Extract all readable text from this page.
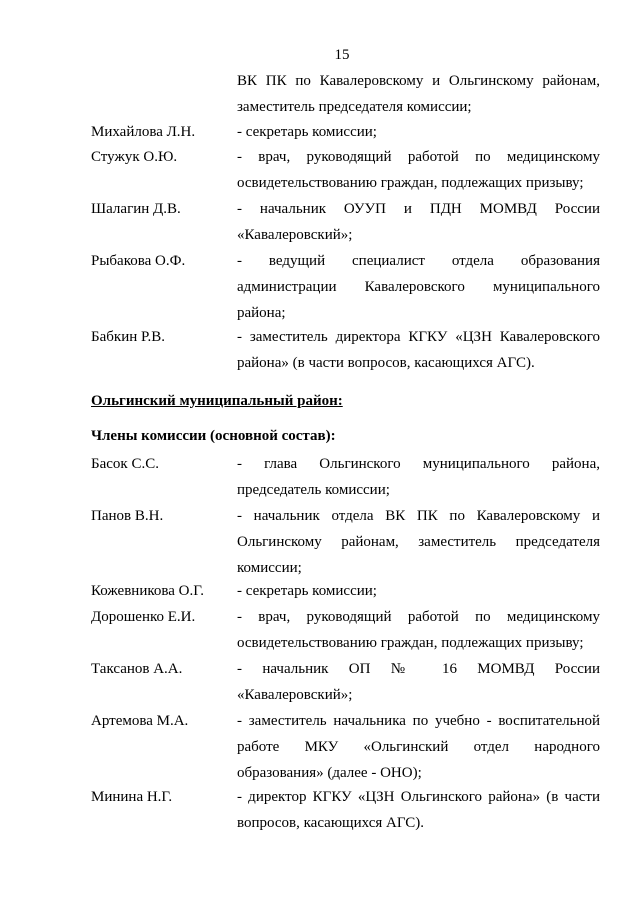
15
ВК ПК по Кавалеровскому и Ольгинскому районам,
заместитель председателя комиссии;
Михайлова Л.Н.	- секретарь комиссии;
Стужук О.Ю.	- врач, руководящий работой по медицинскому
освидетельствованию граждан, подлежащих призыву;
Шалагин Д.В.	- начальник ОУУП и ПДН МОМВД России
«Кавалеровский»;
Рыбакова О.Ф.	- ведущий специалист отдела образования
администрации Кавалеровского муниципального
района;
Бабкин Р.В.	- заместитель директора КГКУ «ЦЗН Кавалеровского
района» (в части вопросов, касающихся АГС).
Ольгинский муниципальный район:
Члены комиссии (основной состав):
Басок С.С.	- глава Ольгинского муниципального района,
председатель комиссии;
Панов В.Н.	- начальник отдела ВК ПК по Кавалеровскому и
Ольгинскому районам, заместитель председателя
комиссии;
Кожевникова О.Г. - секретарь комиссии;
Дорошенко Е.И.	- врач, руководящий работой по медицинскому
освидетельствованию граждан, подлежащих призыву;
Таксанов А.А.	- начальник ОП № 16 МОМВД России
«Кавалеровский»;
Артемова М.А.	- заместитель начальника по учебно - воспитательной
работе МКУ «Ольгинский отдел народного
образования» (далее - ОНО);
Минина Н.Г.	- директор КГКУ «ЦЗН Ольгинского района» (в части
вопросов, касающихся АГС).
